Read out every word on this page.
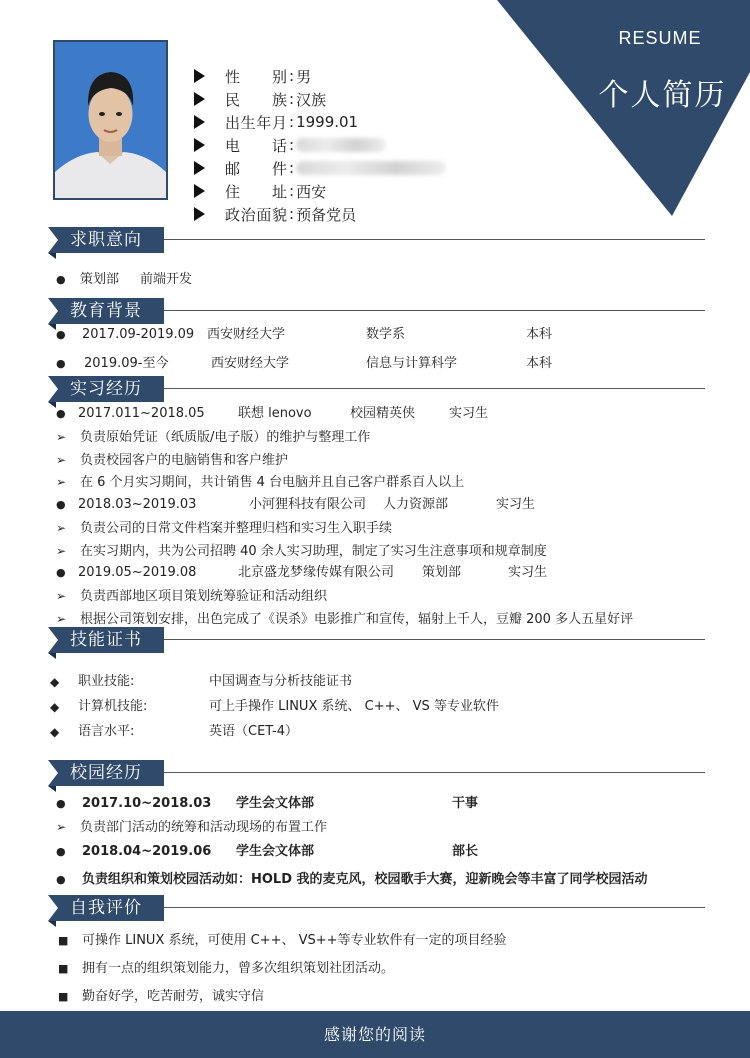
RESUME
个人简历
性别 : 男
民族 : 汉族
出生年月 : 1999.01
电话 :
邮件 :
住址 : 西安
政治面貌 : 预备党员
求职意向
●
策划部 前端开发
教育背景
●
2017.09-2019.09 西安财经大学	数学系	本科
●
2019.09-至今	西安财经大学	信息与计算科学	本科
实习经历
●
2017.011~2018.05	联想 lenovo	校园精英侠	实习生
➢负责原始凭证（纸质版/电子版）的维护与整理工作
➢负责校园客户的电脑销售和客户维护
➢在 6 个月实习期间，共计销售 4 台电脑并且自己客户群系百人以上
●
2018.03~2019.03	小河狸科技有限公司 人力资源部	实习生
➢负责公司的日常文件档案并整理归档和实习生入职手续
➢在实习期内，共为公司招聘 40 余人实习助理，制定了实习生注意事项和规章制度
●
2019.05~2019.08	北京盛龙梦缘传媒有限公司 策划部	实习生
➢负责西部地区项目策划统筹验证和活动组织
➢根据公司策划安排，出色完成了《误杀》电影推广和宣传，辐射上千人，豆瓣 200 多人五星好评
技能证书
◆
职业技能:	中国调查与分析技能证书
◆
计算机技能:	可上手操作 LINUX 系统、 C++、 VS 等专业软件
◆
语言水平:	英语（CET-4）
校园经历
●
2017.10~2018.03 学生会文体部	干事
➢负责部门活动的统筹和活动现场的布置工作
●
2018.04~2019.06 学生会文体部	部长
●负责组织和策划校园活动如：HOLD 我的麦克风，校园歌手大赛，迎新晚会等丰富了同学校园活动
自我评价
■可操作 LINUX 系统，可使用 C++、 VS++等专业软件有一定的项目经验
■拥有一点的组织策划能力，曾多次组织策划社团活动。
■勤奋好学，吃苦耐劳，诚实守信
感谢您的阅读
